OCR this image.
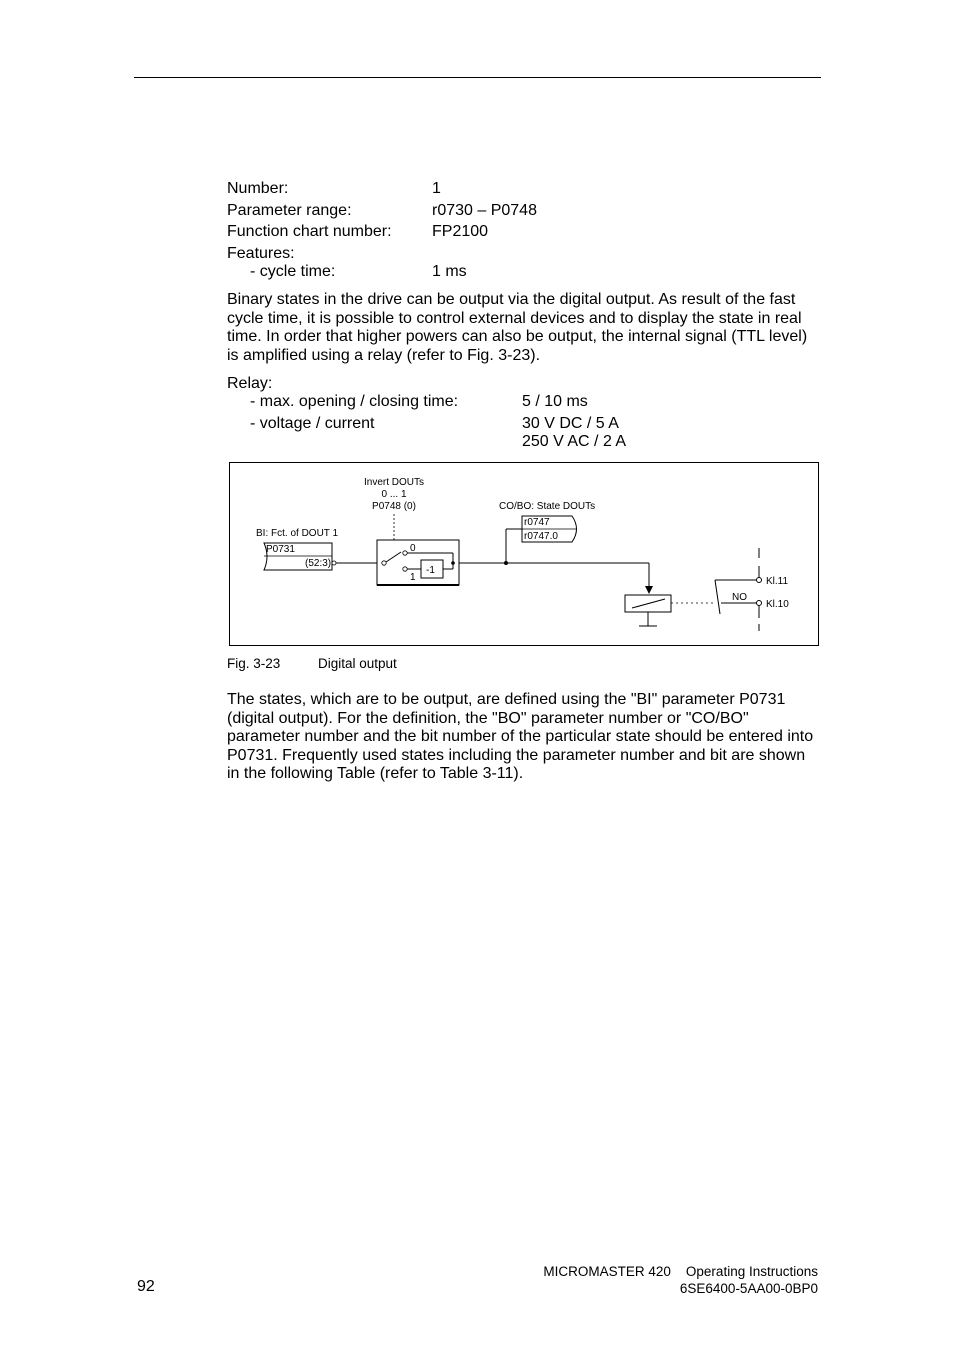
Number:	1
Parameter range:	r0730 – P0748
Function chart number:	FP2100
Features:
- cycle time:	1 ms
Binary states in the drive can be output via the digital output. As result of the fast cycle time, it is possible to control external devices and to display the state in real time. In order that higher powers can also be output, the internal signal (TTL level) is amplified using a relay (refer to Fig. 3-23).
Relay:
- max. opening / closing time:	5 / 10 ms
- voltage / current	30 V DC / 5 A
250 V AC / 2 A
Invert DOUTs
0 ... 1
P0748 (0)
BI: Fct. of DOUT 1
P0731
(52:3)
0
1
-1
CO/BO: State DOUTs
r0747
r0747.0
NO
Kl.11
Kl.10
Fig. 3-23	Digital output
The states, which are to be output, are defined using the "BI" parameter P0731 (digital output). For the definition, the "BO" parameter number or "CO/BO" parameter number and the bit number of the particular state should be entered into P0731. Frequently used states including the parameter number and bit are shown in the following Table (refer to Table 3-11).
92
MICROMASTER 420    Operating Instructions
6SE6400-5AA00-0BP0
